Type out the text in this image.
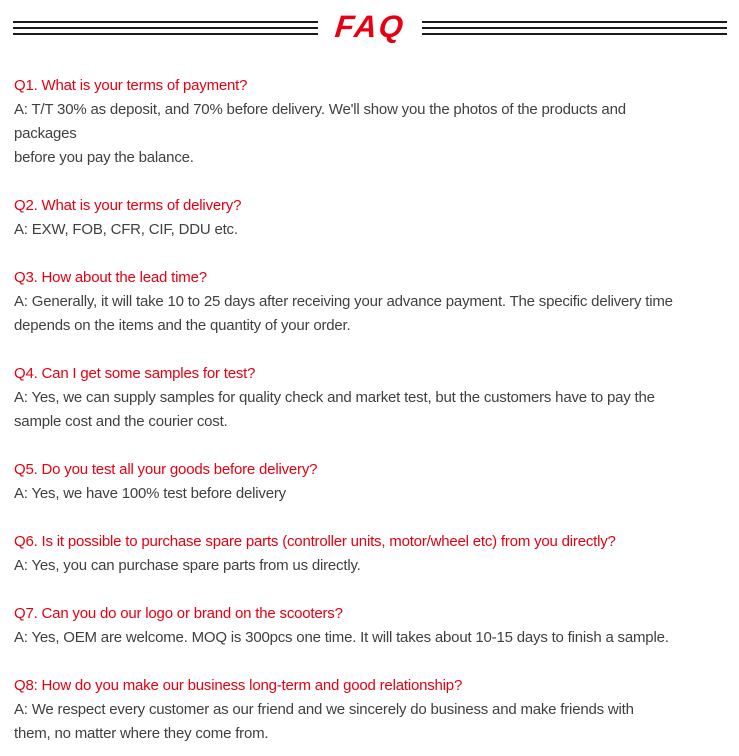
FAQ
Q1. What is your terms of payment?
A: T/T 30% as deposit, and 70% before delivery. We'll show you the photos of the products and
packages
before you pay the balance.
Q2. What is your terms of delivery?
A: EXW, FOB, CFR, CIF, DDU etc.
Q3. How about the lead time?
A: Generally, it will take 10 to 25 days after receiving your advance payment. The specific delivery time
depends on the items and the quantity of your order.
Q4. Can I get some samples for test?
A: Yes, we can supply samples for quality check and market test, but the customers have to pay the
sample cost and the courier cost.
Q5. Do you test all your goods before delivery?
A: Yes, we have 100% test before delivery
Q6. Is it possible to purchase spare parts (controller units, motor/wheel etc) from you directly?
A: Yes, you can purchase spare parts from us directly.
Q7. Can you do our logo or brand on the scooters?
A: Yes, OEM are welcome. MOQ is 300pcs one time. It will takes about 10-15 days to finish a sample.
Q8: How do you make our business long-term and good relationship?
A: We respect every customer as our friend and we sincerely do business and make friends with
them, no matter where they come from.
